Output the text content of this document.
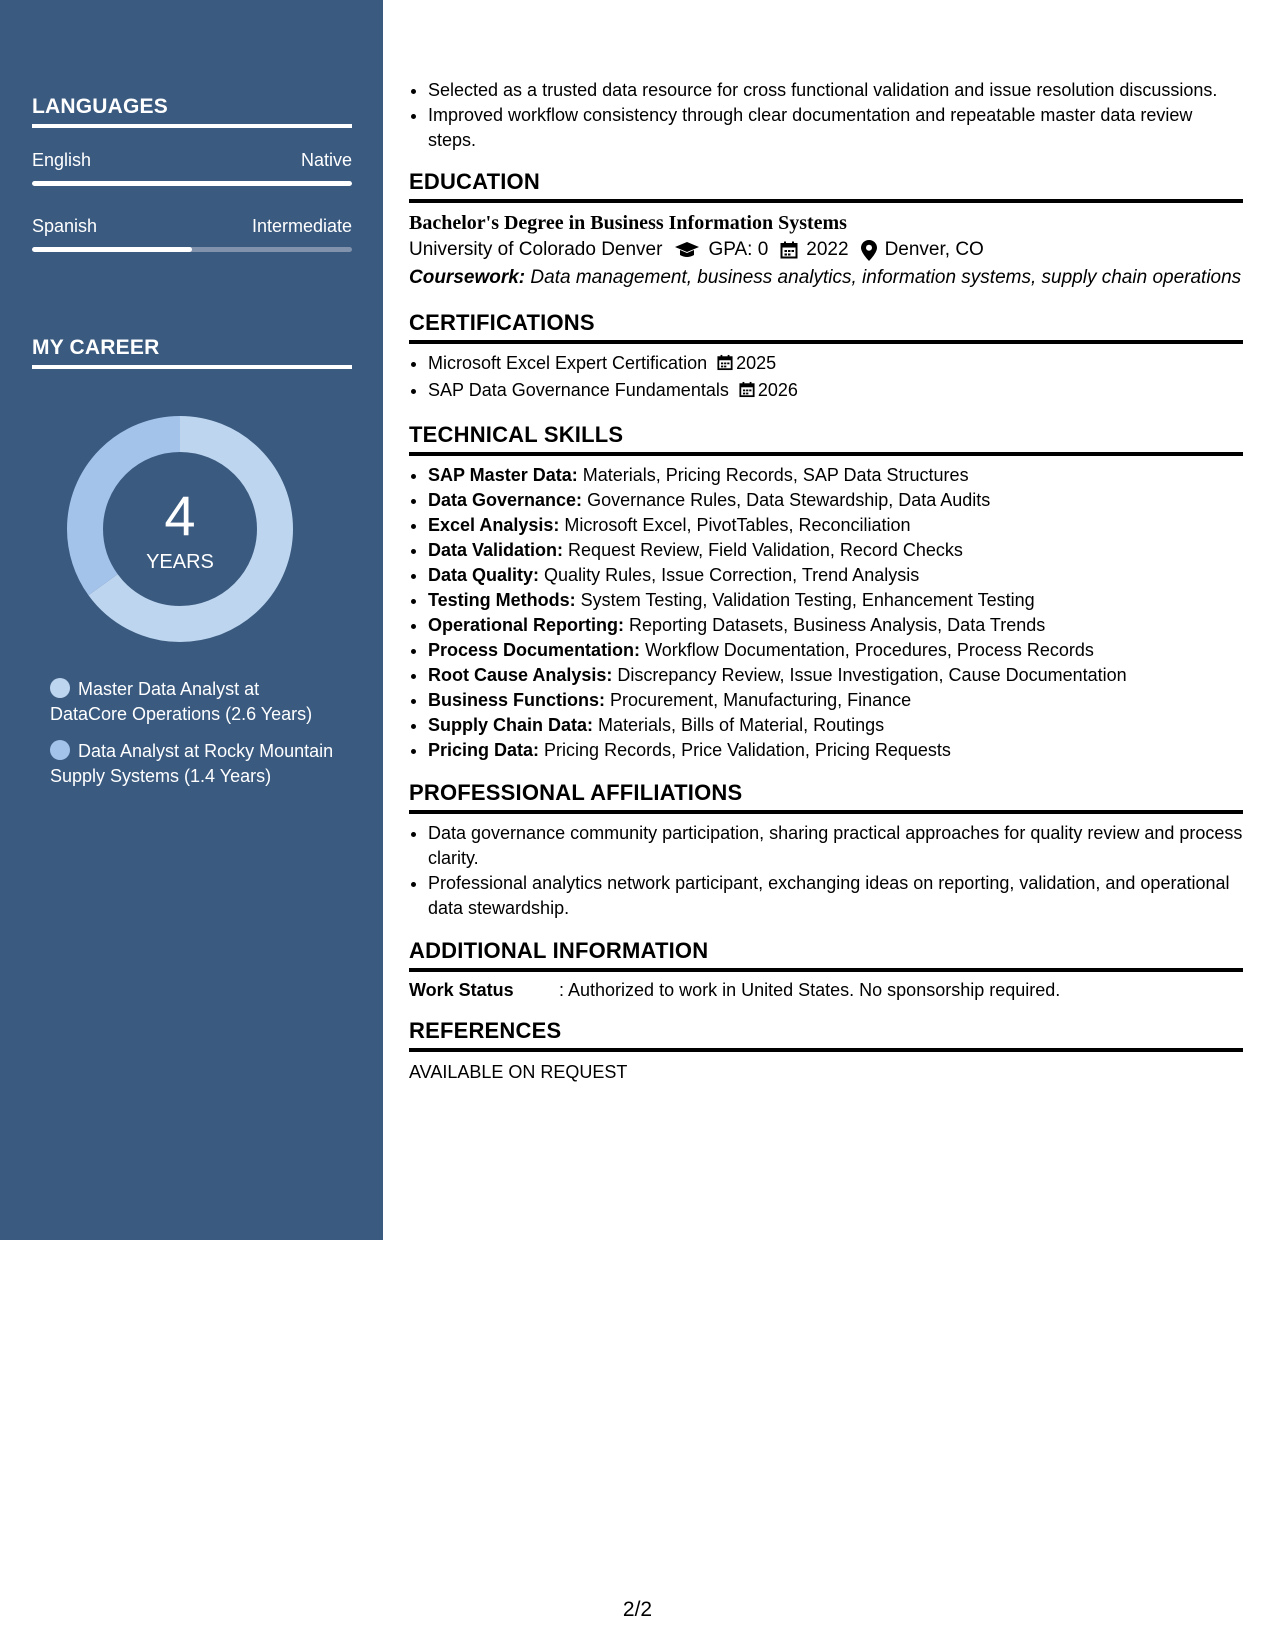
LANGUAGES
English	Native
Spanish	Intermediate
MY CAREER
4
YEARS
Master Data Analyst at DataCore Operations (2.6 Years)
Data Analyst at Rocky Mountain Supply Systems (1.4 Years)
• Selected as a trusted data resource for cross functional validation and issue resolution discussions.
• Improved workflow consistency through clear documentation and repeatable master data review steps.
EDUCATION
Bachelor's Degree in Business Information Systems
University of Colorado Denver GPA: 0 2022 Denver, CO
Coursework: Data management, business analytics, information systems, supply chain operations
CERTIFICATIONS
• Microsoft Excel Expert Certification 2025
• SAP Data Governance Fundamentals 2026
TECHNICAL SKILLS
• SAP Master Data: Materials, Pricing Records, SAP Data Structures
• Data Governance: Governance Rules, Data Stewardship, Data Audits
• Excel Analysis: Microsoft Excel, PivotTables, Reconciliation
• Data Validation: Request Review, Field Validation, Record Checks
• Data Quality: Quality Rules, Issue Correction, Trend Analysis
• Testing Methods: System Testing, Validation Testing, Enhancement Testing
• Operational Reporting: Reporting Datasets, Business Analysis, Data Trends
• Process Documentation: Workflow Documentation, Procedures, Process Records
• Root Cause Analysis: Discrepancy Review, Issue Investigation, Cause Documentation
• Business Functions: Procurement, Manufacturing, Finance
• Supply Chain Data: Materials, Bills of Material, Routings
• Pricing Data: Pricing Records, Price Validation, Pricing Requests
PROFESSIONAL AFFILIATIONS
• Data governance community participation, sharing practical approaches for quality review and process clarity.
• Professional analytics network participant, exchanging ideas on reporting, validation, and operational data stewardship.
ADDITIONAL INFORMATION
Work Status	: Authorized to work in United States. No sponsorship required.
REFERENCES
AVAILABLE ON REQUEST
2/2
